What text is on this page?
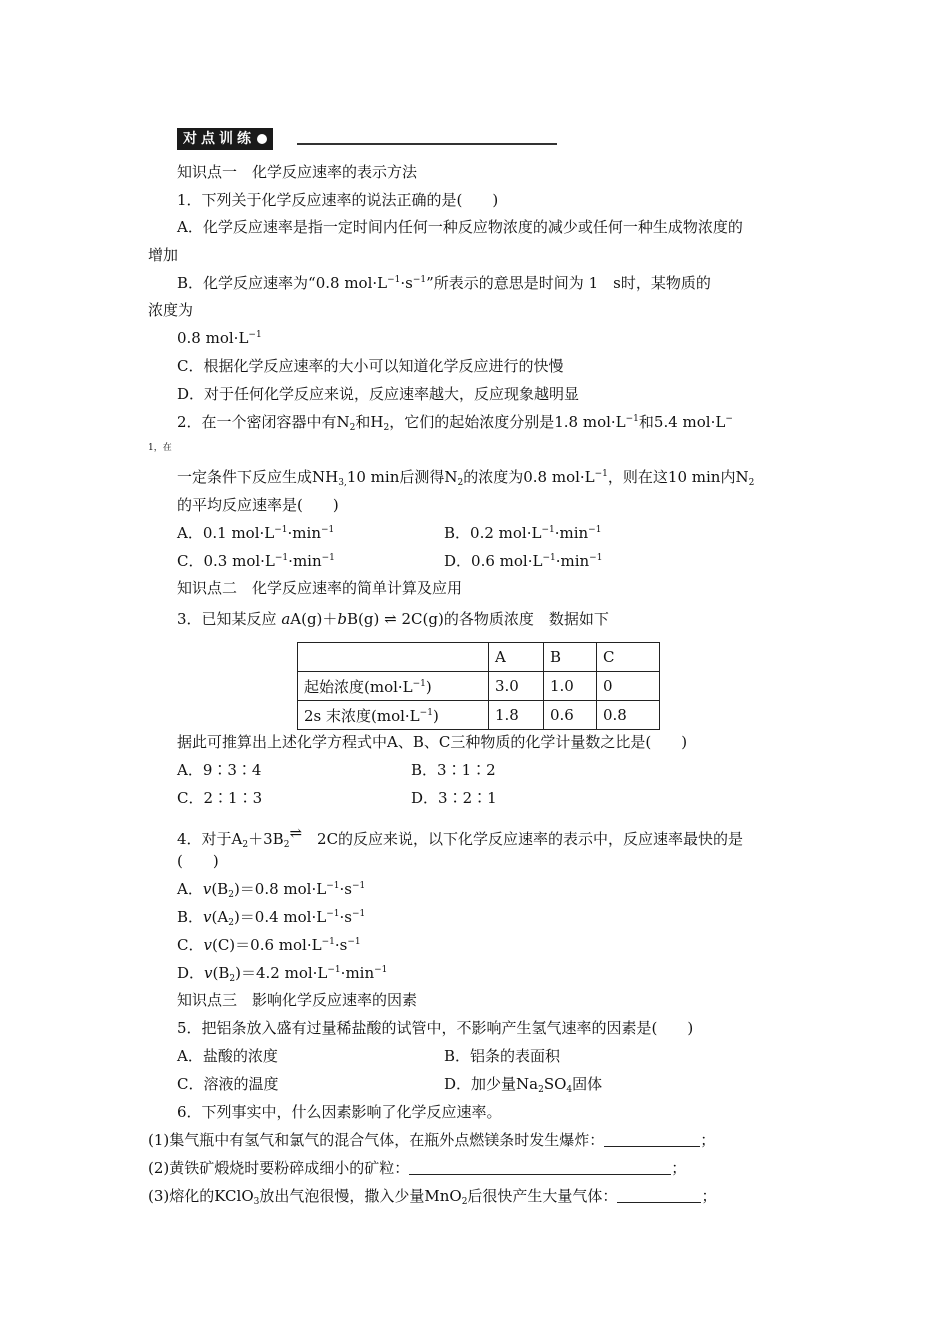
对点训练
知识点一　化学反应速率的表示方法
1．下列关于化学反应速率的说法正确的是(　　)
A．化学反应速率是指一定时间内任何一种反应物浓度的减少或任何一种生成物浓度的
增加
B．化学反应速率为“0.8 $mol\cdot L^{-1}\cdot s^{-1}$”所表示的意思是时间为 1　s时，某物质的
浓度为
0.8 $mol\cdot L^{-1}$
C．根据化学反应速率的大小可以知道化学反应进行的快慢
D．对于任何化学反应来说，反应速率越大，反应现象越明显
2．在一个密闭容器中有$N_2$和$H_2$，它们的起始浓度分别是1.8 $mol\cdot L^{-1}$和5.4 mol·L−
$^{1,在}$
一定条件下反应生成$NH_{3,}10$ min后测得$N_2$的浓度为0.8 $mol\cdot L^{-1}$，则在这10 min内$N_2$
的平均反应速率是(　　)
A．0.1 $mol\cdot L^{-1}\cdot\min^{-1}$	B．0.2 $mol\cdot L^{-1}\cdot\min^{-1}$
C．0.3 $mol\cdot L^{-1}\cdot\min^{-1}$	D．0.6 $mol\cdot L^{-1}\cdot\min^{-1}$
知识点二　化学反应速率的简单计算及应用
3．已知某反应 aA(g)＋bB(g) ⇌ 2C(g)的各物质浓度　数据如下
	A	B	C
起始浓度$(mol\cdot L^{-1})$	3.0	1.0	0
2s 末浓度$(mol\cdot L^{-1})$	1.8	0.6	0.8
据此可推算出上述化学方程式中A、B、C三种物质的化学计量数之比是(　　)
A．9∶3∶4	B．3∶1∶2
C．2∶1∶3	D．3∶2∶1
4．对于$A_2+3B_2\rightleftharpoons$　 2C的反应来说，以下化学反应速率的表示中，反应速率最快的是
(　　)
A．$v(B_2)=0.8$ $mol\cdot L^{-1}\cdot s^{-1}$
B．$v(A_2)=0.4$ $mol\cdot L^{-1}\cdot s^{-1}$
C．v(C)＝0.6 $mol\cdot L^{-1}\cdot s^{-1}$
D．$v(B_2)=4.2$ $mol\cdot L^{-1}\cdot\min^{-1}$
知识点三　影响化学反应速率的因素
5．把铝条放入盛有过量稀盐酸的试管中，不影响产生氢气速率的因素是(　　)
A．盐酸的浓度	B．铝条的表面积
C．溶液的温度	D．加少量$Na_2SO_4$固体
6．下列事实中，什么因素影响了化学反应速率。
(1)集气瓶中有氢气和氯气的混合气体，在瓶外点燃镁条时发生爆炸：	；
(2)黄铁矿煅烧时要粉碎成细小的矿粒：	；
(3)熔化的KClO$_3$放出气泡很慢，撒入少量MnO$_2$后很快产生大量气体：	；
